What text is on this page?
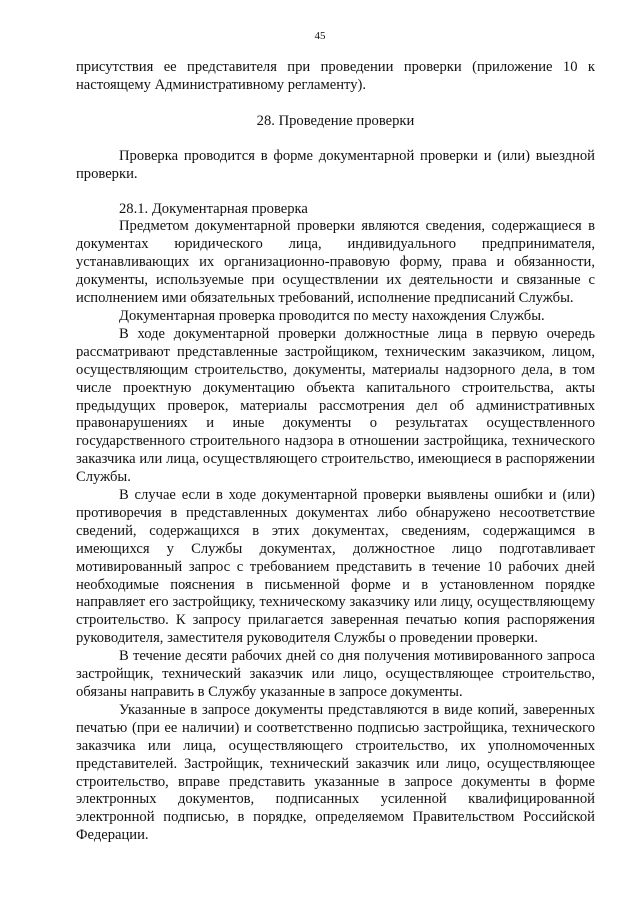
45

присутствия ее представителя при проведении проверки (приложение 10 к настоящему Административному регламенту).

28. Проведение проверки

Проверка проводится в форме документарной проверки и (или) выездной проверки.

28.1. Документарная проверка

Предметом документарной проверки являются сведения, содержащиеся в документах юридического лица, индивидуального предпринимателя, устанавливающих их организационно-правовую форму, права и обязанности, документы, используемые при осуществлении их деятельности и связанные с исполнением ими обязательных требований, исполнение предписаний Службы.

Документарная проверка проводится по месту нахождения Службы.

В ходе документарной проверки должностные лица в первую очередь рассматривают представленные застройщиком, техническим заказчиком, лицом, осуществляющим строительство, документы, материалы надзорного дела, в том числе проектную документацию объекта капитального строительства, акты предыдущих проверок, материалы рассмотрения дел об административных правонарушениях и иные документы о результатах осуществленного государственного строительного надзора в отношении застройщика, технического заказчика или лица, осуществляющего строительство, имеющиеся в распоряжении Службы.

В случае если в ходе документарной проверки выявлены ошибки и (или) противоречия в представленных документах либо обнаружено несоответствие сведений, содержащихся в этих документах, сведениям, содержащимся в имеющихся у Службы документах, должностное лицо подготавливает мотивированный запрос с требованием представить в течение 10 рабочих дней необходимые пояснения в письменной форме и в установленном порядке направляет его застройщику, техническому заказчику или лицу, осуществляющему строительство. К запросу прилагается заверенная печатью копия распоряжения руководителя, заместителя руководителя Службы о проведении проверки.

В течение десяти рабочих дней со дня получения мотивированного запроса застройщик, технический заказчик или лицо, осуществляющее строительство, обязаны направить в Службу указанные в запросе документы.

Указанные в запросе документы представляются в виде копий, заверенных печатью (при ее наличии) и соответственно подписью застройщика, технического заказчика или лица, осуществляющего строительство, их уполномоченных представителей. Застройщик, технический заказчик или лицо, осуществляющее строительство, вправе представить указанные в запросе документы в форме электронных документов, подписанных усиленной квалифицированной электронной подписью, в порядке, определяемом Правительством Российской Федерации.
